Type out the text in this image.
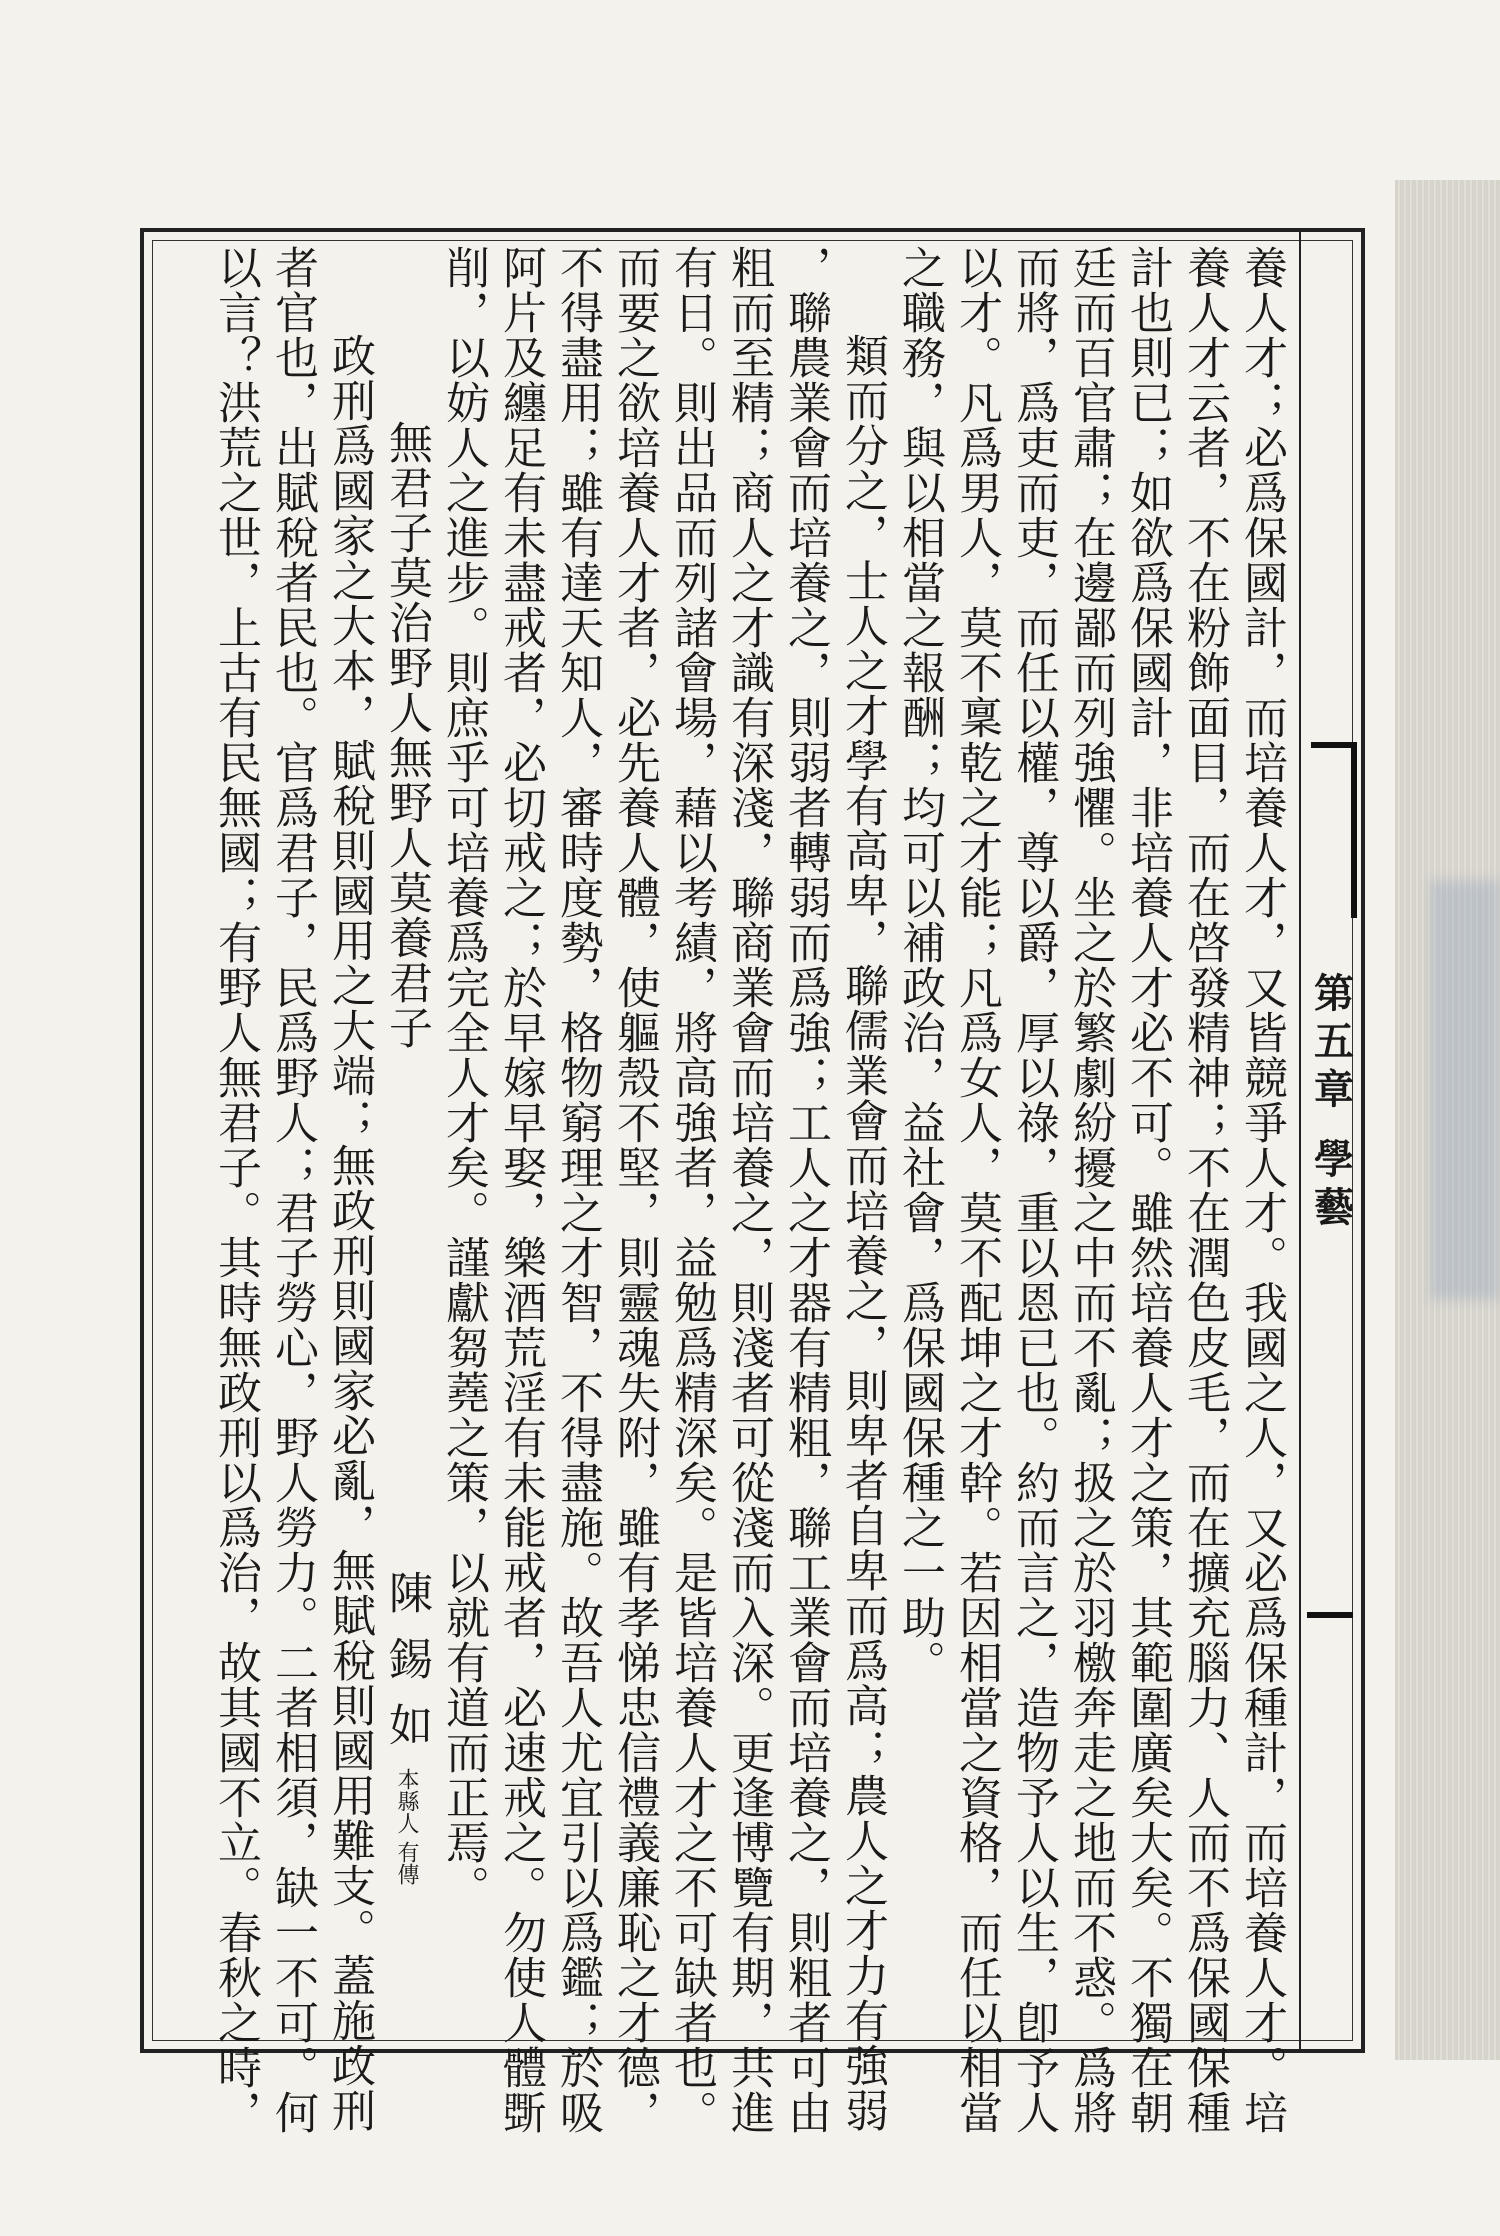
第五章 學藝
養人才；必爲保國計，而培養人才，又皆競爭人才。我國之人，又必爲保種計，而培養人才。培
養人才云者，不在粉飾面目，而在啓發精神；不在潤色皮毛，而在擴充腦力、人而不爲保國保種
計也則已；如欲爲保國計，非培養人才必不可。雖然培養人才之策，其範圍廣矣大矣。不獨在朝
廷而百官肅；在邊鄙而列強懼。坐之於繁劇紛擾之中而不亂；扱之於羽檄奔走之地而不惑。爲將
而將，爲吏而吏，而任以權，尊以爵，厚以祿，重以恩已也。約而言之，造物予人以生，卽予人
以才。凡爲男人，莫不稟乾之才能；凡爲女人，莫不配坤之才幹。若因相當之資格，而任以相當
之職務，與以相當之報酬；均可以補政治，益社會，爲保國保種之一助。
類而分之，士人之才學有高卑，聯儒業會而培養之，則卑者自卑而爲高；農人之才力有強弱
，聯農業會而培養之，則弱者轉弱而爲強；工人之才器有精粗，聯工業會而培養之，則粗者可由
粗而至精；商人之才識有深淺，聯商業會而培養之，則淺者可從淺而入深。更逢博覽有期，共進
有日。則出品而列諸會場，藉以考績，將高強者，益勉爲精深矣。是皆培養人才之不可缺者也。
而要之欲培養人才者，必先養人體，使軀殼不堅，則靈魂失附，雖有孝悌忠信禮義廉恥之才德，
不得盡用；雖有達天知人，審時度勢，格物窮理之才智，不得盡施。故吾人尤宜引以爲鑑；於吸
阿片及纏足有未盡戒者，必切戒之；於早嫁早娶，樂酒荒淫有未能戒者，必速戒之。勿使人體斲
削，以妨人之進步。則庶乎可培養爲完全人才矣。謹獻芻蕘之策，以就有道而正焉。
無君子莫治野人無野人莫養君子陳錫如本縣人 有傳
政刑爲國家之大本，賦稅則國用之大端；無政刑則國家必亂，無賦稅則國用難支。蓋施政刑
者官也，出賦稅者民也。官爲君子，民爲野人；君子勞心，野人勞力。二者相須，缺一不可。何
以言？洪荒之世，上古有民無國；有野人無君子。其時無政刑以爲治，故其國不立。春秋之時，
